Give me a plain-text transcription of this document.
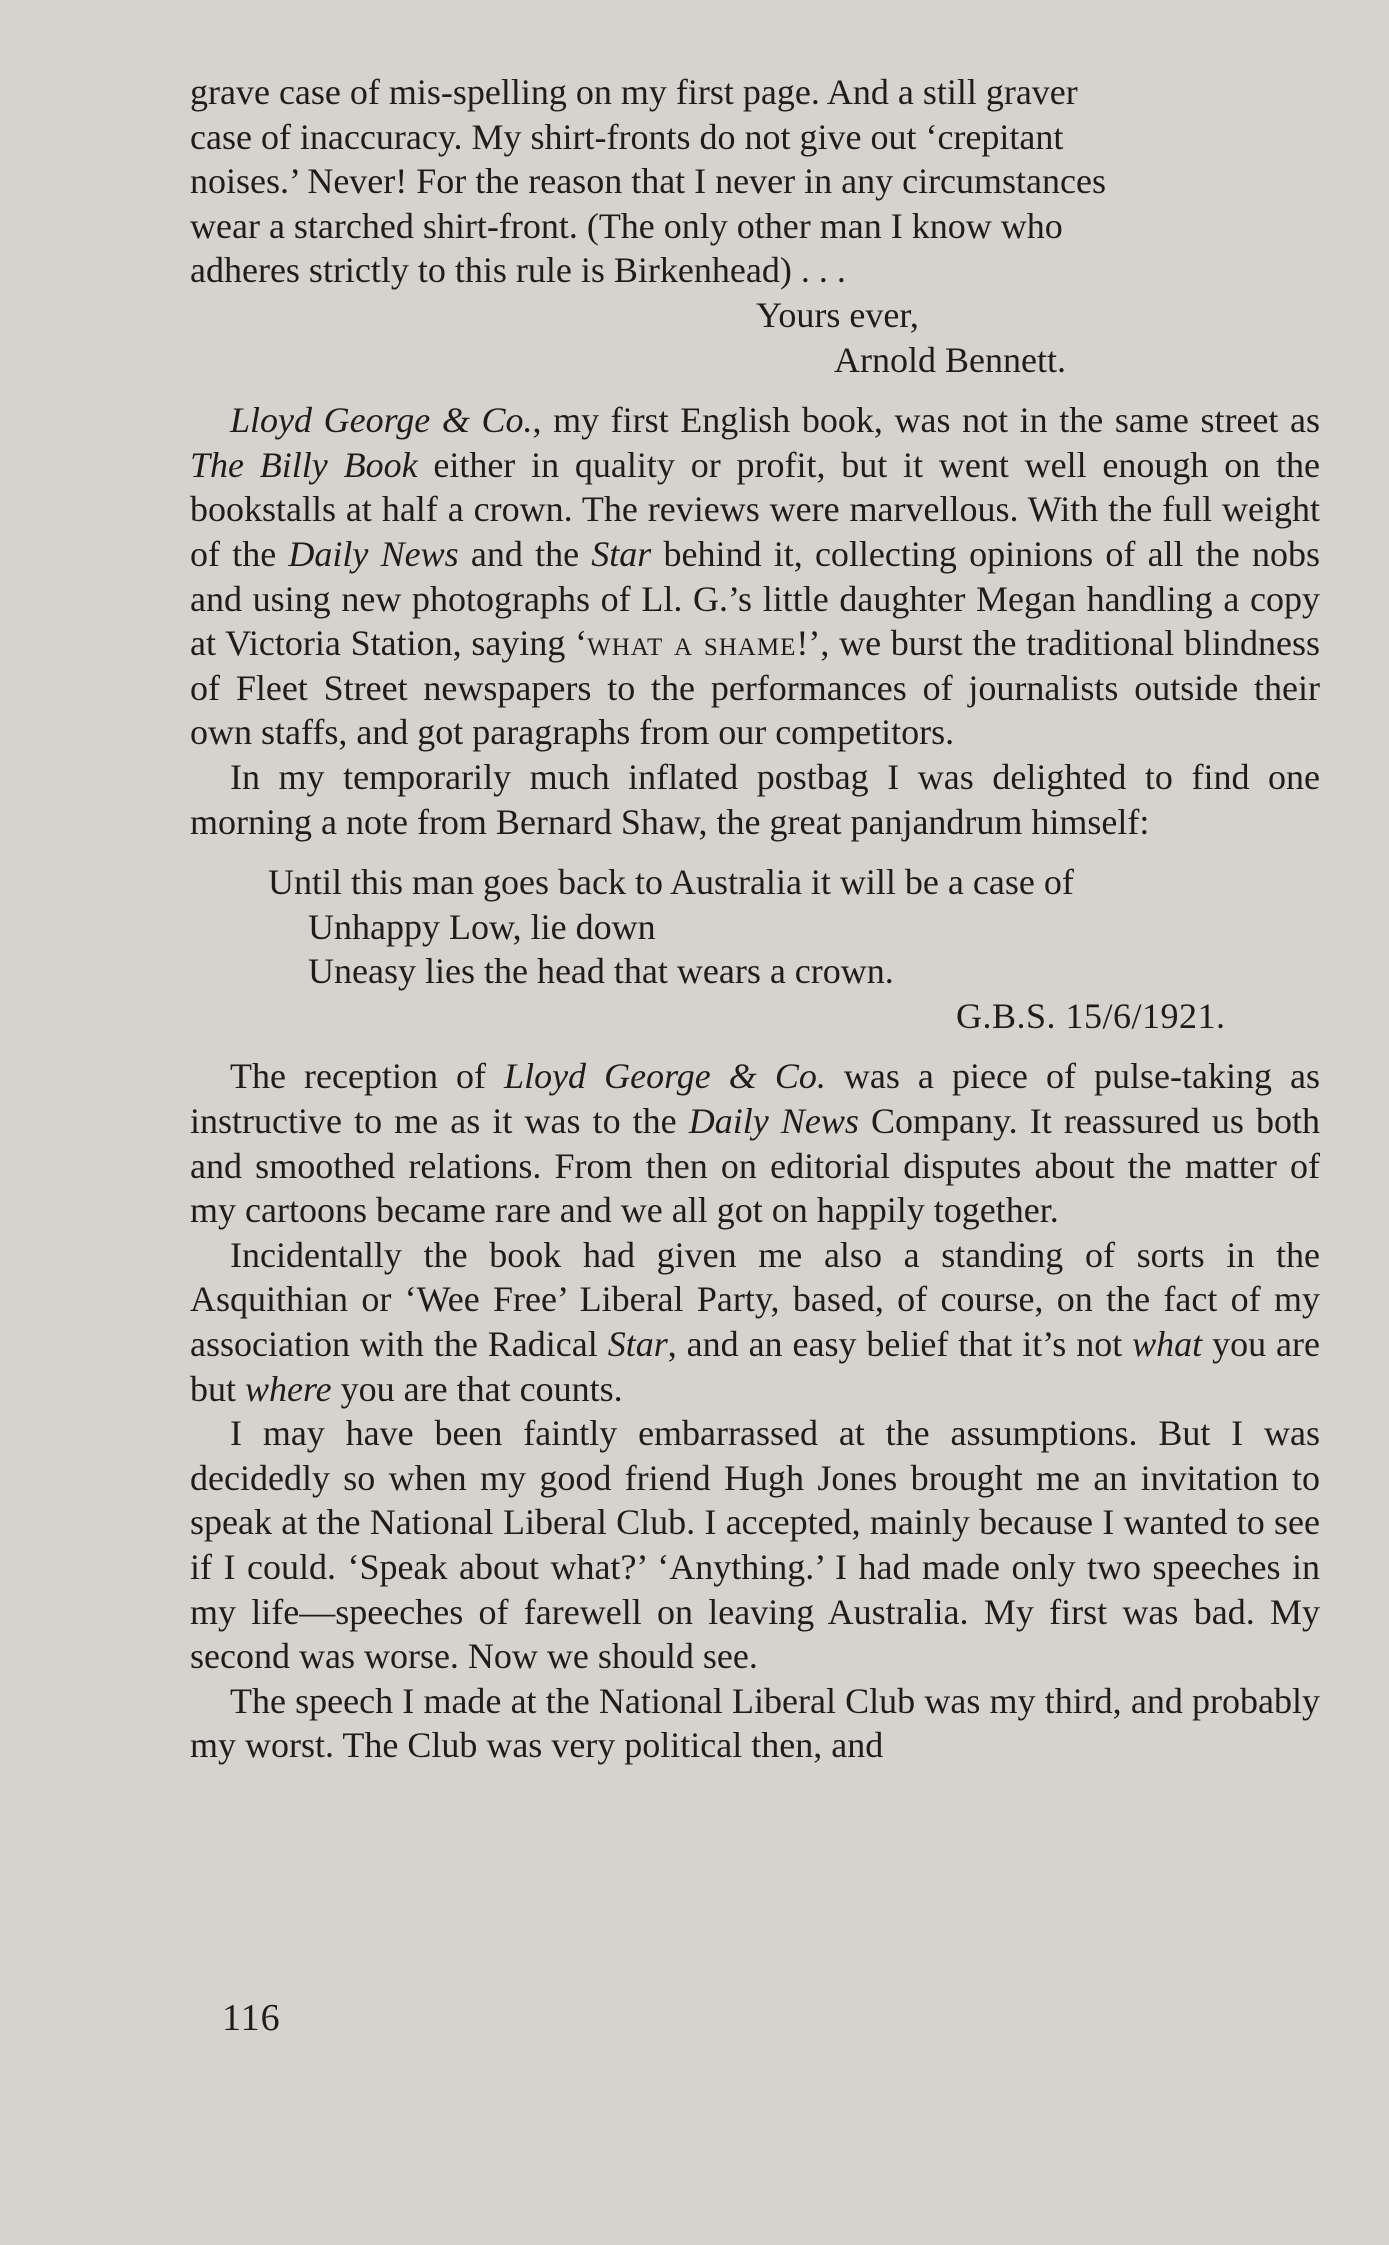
grave case of mis-spelling on my first page. And a still graver
case of inaccuracy. My shirt-fronts do not give out ‘crepitant
noises.’ Never! For the reason that I never in any circumstances
wear a starched shirt-front. (The only other man I know who
adheres strictly to this rule is Birkenhead) . . .
Yours ever,
Arnold Bennett.

Lloyd George & Co., my first English book, was not in the same street as The Billy Book either in quality or profit, but it went well enough on the bookstalls at half a crown. The reviews were marvellous. With the full weight of the Daily News and the Star behind it, collecting opinions of all the nobs and using new photographs of Ll. G.’s little daughter Megan handling a copy at Victoria Station, saying ‘what a shame!’, we burst the traditional blindness of Fleet Street newspapers to the performances of journalists outside their own staffs, and got paragraphs from our competitors.

In my temporarily much inflated postbag I was delighted to find one morning a note from Bernard Shaw, the great panjandrum himself:

Until this man goes back to Australia it will be a case of
Unhappy Low, lie down
Uneasy lies the head that wears a crown.
G.B.S. 15/6/1921.

The reception of Lloyd George & Co. was a piece of pulse-taking as instructive to me as it was to the Daily News Company. It reassured us both and smoothed relations. From then on editorial disputes about the matter of my cartoons became rare and we all got on happily together.

Incidentally the book had given me also a standing of sorts in the Asquithian or ‘Wee Free’ Liberal Party, based, of course, on the fact of my association with the Radical Star, and an easy belief that it’s not what you are but where you are that counts.

I may have been faintly embarrassed at the assumptions. But I was decidedly so when my good friend Hugh Jones brought me an invitation to speak at the National Liberal Club. I accepted, mainly because I wanted to see if I could. ‘Speak about what?’ ‘Anything.’ I had made only two speeches in my life—speeches of farewell on leaving Australia. My first was bad. My second was worse. Now we should see.

The speech I made at the National Liberal Club was my third, and probably my worst. The Club was very political then, and

116
